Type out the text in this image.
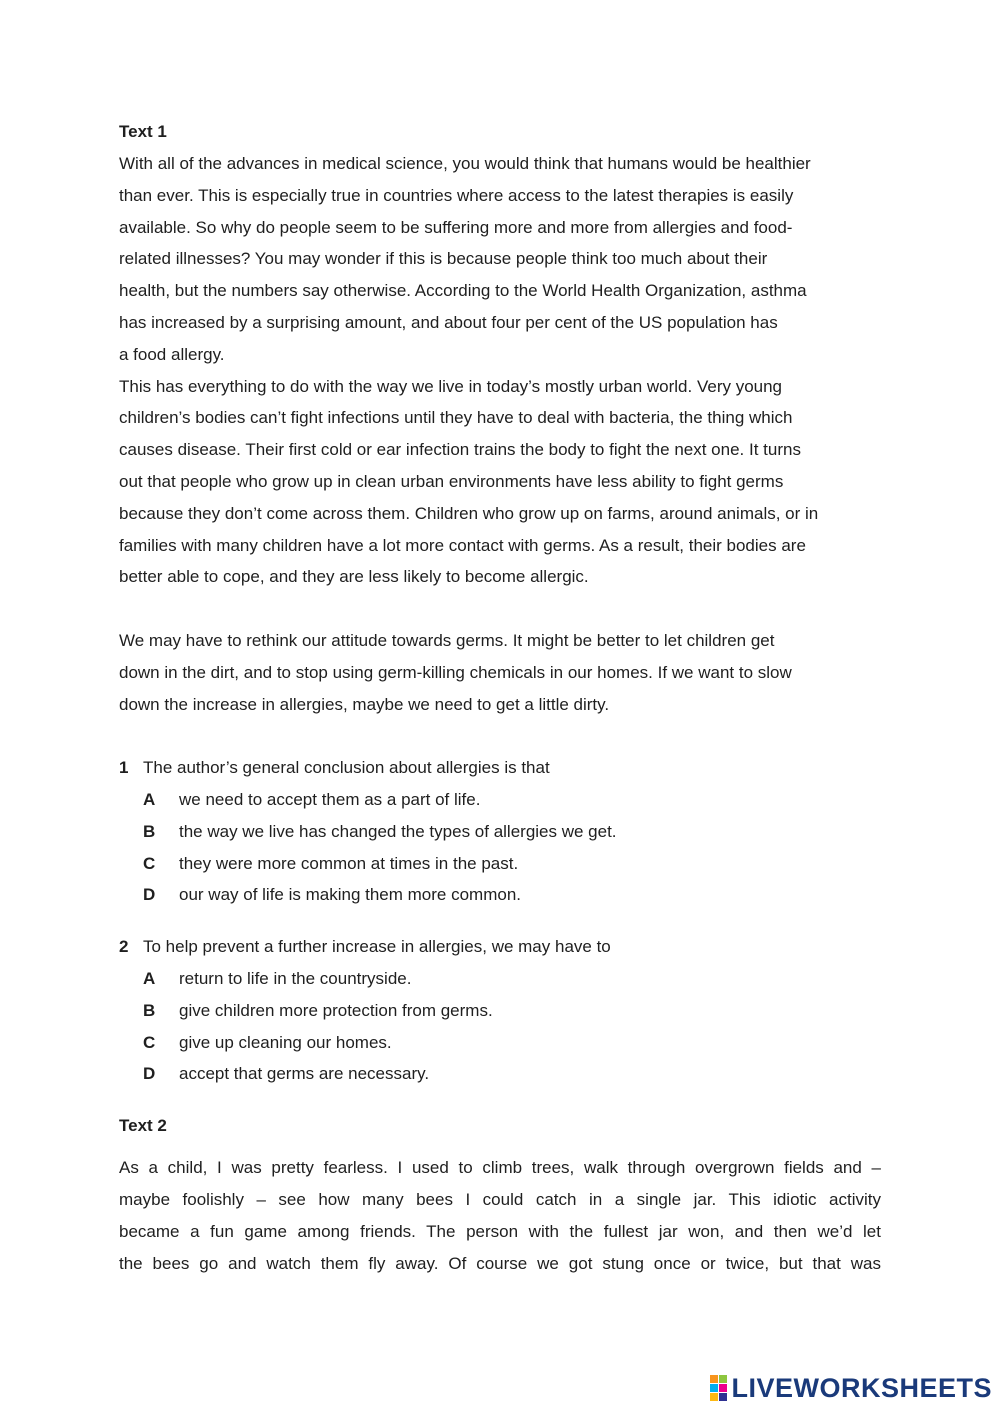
Text 1

With all of the advances in medical science, you would think that humans would be healthier
than ever. This is especially true in countries where access to the latest therapies is easily
available. So why do people seem to be suffering more and more from allergies and food-
related illnesses? You may wonder if this is because people think too much about their
health, but the numbers say otherwise. According to the World Health Organization, asthma
has increased by a surprising amount, and about four per cent of the US population has
a food allergy.
This has everything to do with the way we live in today’s mostly urban world. Very young
children’s bodies can’t fight infections until they have to deal with bacteria, the thing which
causes disease. Their first cold or ear infection trains the body to fight the next one. It turns
out that people who grow up in clean urban environments have less ability to fight germs
because they don’t come across them. Children who grow up on farms, around animals, or in
families with many children have a lot more contact with germs. As a result, their bodies are
better able to cope, and they are less likely to become allergic.
We may have to rethink our attitude towards germs. It might be better to let children get
down in the dirt, and to stop using germ-killing chemicals in our homes. If we want to slow
down the increase in allergies, maybe we need to get a little dirty.
1 The author’s general conclusion about allergies is that
A	we need to accept them as a part of life.
B	the way we live has changed the types of allergies we get.
C	they were more common at times in the past.
D	our way of life is making them more common.
2 To help prevent a further increase in allergies, we may have to
A	return to life in the countryside.
B	give children more protection from germs.
C	give up cleaning our homes.
D	accept that germs are necessary.

Text 2

As a child, I was pretty fearless. I used to climb trees, walk through overgrown fields and –
maybe foolishly – see how many bees I could catch in a single jar. This idiotic activity
became a fun game among friends. The person with the fullest jar won, and then we’d let
the bees go and watch them fly away. Of course we got stung once or twice, but that was
LIVEWORKSHEETS
